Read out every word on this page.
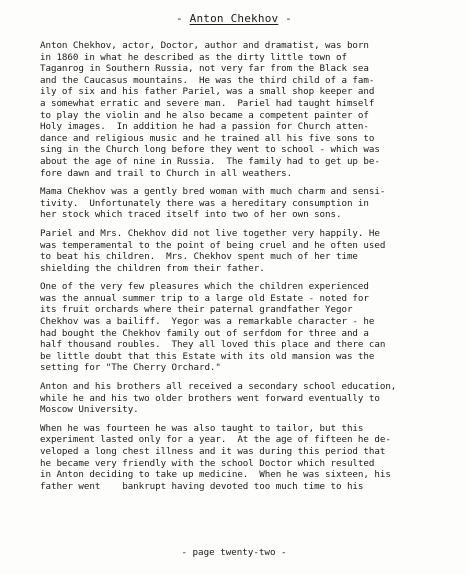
- Anton Chekhov -
Anton Chekhov, actor, Doctor, author and dramatist, was born
in 1860 in what he described as the dirty little town of
Taganrog in Southern Russia, not very far from the Black sea
and the Caucasus mountains.  He was the third child of a fam-
ily of six and his father Pariel, was a small shop keeper and
a somewhat erratic and severe man.  Pariel had taught himself
to play the violin and he also became a competent painter of
Holy images.  In addition he had a passion for Church atten-
dance and religious music and he trained all his five sons to
sing in the Church long before they went to school - which was
about the age of nine in Russia.  The family had to get up be-
fore dawn and trail to Church in all weathers.
Mama Chekhov was a gently bred woman with much charm and sensi-
tivity.  Unfortunately there was a hereditary consumption in
her stock which traced itself into two of her own sons.
Pariel and Mrs. Chekhov did not live together very happily. He
was temperamental to the point of being cruel and he often used
to beat his children.  Mrs. Chekhov spent much of her time
shielding the children from their father.
One of the very few pleasures which the children experienced
was the annual summer trip to a large old Estate - noted for
its fruit orchards where their paternal grandfather Yegor
Chekhov was a bailiff.  Yegor was a remarkable character - he
had bought the Chekhov family out of serfdom for three and a
half thousand roubles.  They all loved this place and there can
be little doubt that this Estate with its old mansion was the
setting for "The Cherry Orchard."
Anton and his brothers all received a secondary school education,
while he and his two older brothers went forward eventually to
Moscow University.
When he was fourteen he was also taught to tailor, but this
experiment lasted only for a year.  At the age of fifteen he de-
veloped a long chest illness and it was during this period that
he became very friendly with the school Doctor which resulted
in Anton deciding to take up medicine.  When he was sixteen, his
father went    bankrupt having devoted too much time to his
- page twenty-two -
